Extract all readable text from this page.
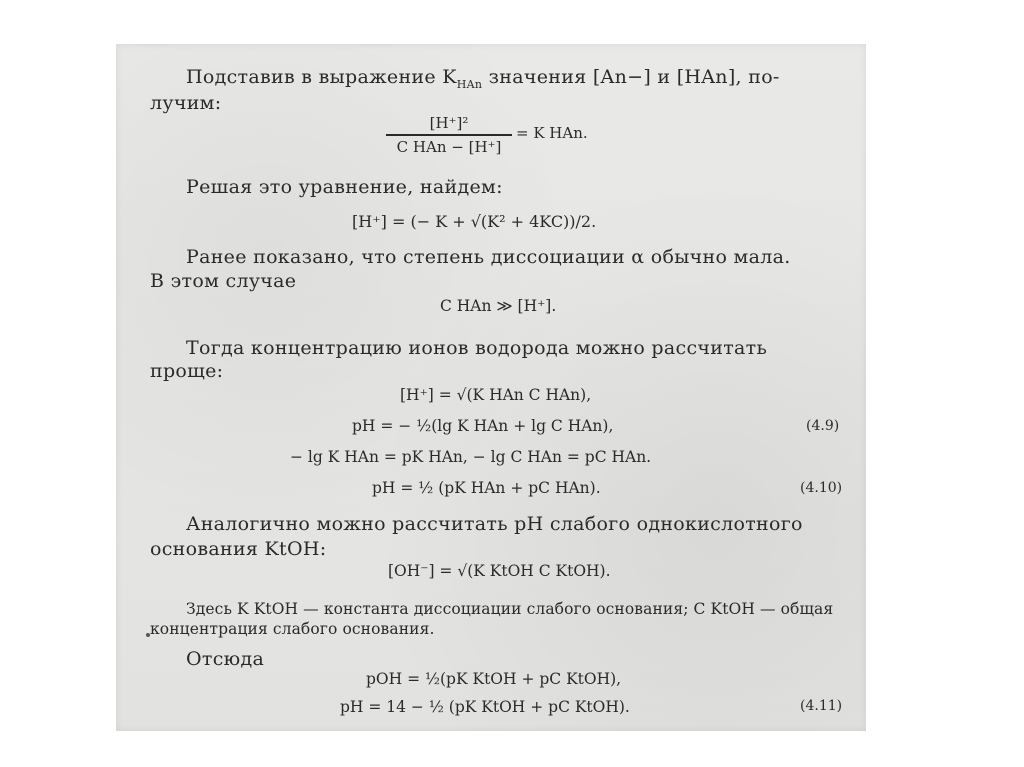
Подставив в выражение $K_{HAn}$ значения [An−] и [HAn], по-
лучим:
[H⁺]²
C HAn − [H⁺]
= K HAn.
Решая это уравнение, найдем:
[H⁺] = (− K + √(K² + 4KC))/2.
Ранее показано, что степень диссоциации α обычно мала.
В этом случае
C HAn ≫ [H⁺].
Тогда концентрацию ионов водорода можно рассчитать
проще:
[H⁺] = √(K HAn C HAn),
pH = − ½(lg K HAn + lg C HAn),	(4.9)
− lg K HAn = pK HAn, − lg C HAn = pC HAn.
pH = ½ (pK HAn + pC HAn).	(4.10)
Аналогично можно рассчитать pH слабого однокислотного
основания KtOH:
[OH⁻] = √(K KtOH C KtOH).
Здесь K KtOH — константа диссоциации слабого основания; C KtOH — общая
концентрация слабого основания.
Отсюда
pOH = ½(pK KtOH + pC KtOH),
pH = 14 − ½ (pK KtOH + pC KtOH).	(4.11)
